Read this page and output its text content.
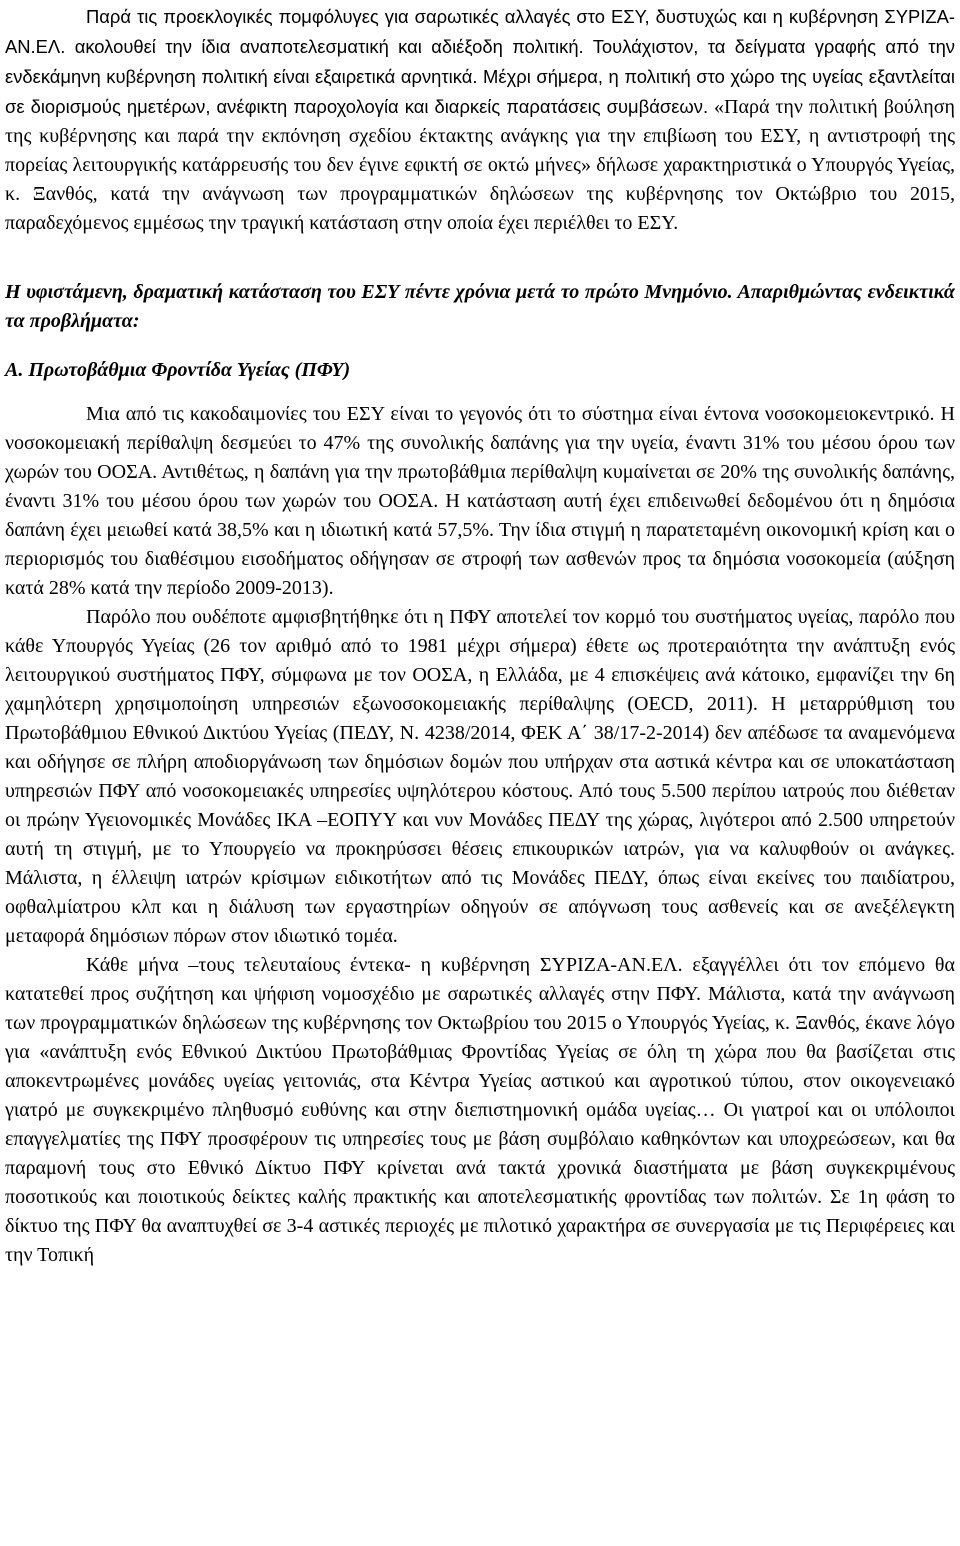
Παρά τις προεκλογικές πομφόλυγες για σαρωτικές αλλαγές στο ΕΣΥ, δυστυχώς και η κυβέρνηση ΣΥΡΙΖΑ-ΑΝ.ΕΛ. ακολουθεί την ίδια αναποτελεσματική και αδιέξοδη πολιτική. Τουλάχιστον, τα δείγματα γραφής από την ενδεκάμηνη κυβέρνηση πολιτική είναι εξαιρετικά αρνητικά. Μέχρι σήμερα, η πολιτική στο χώρο της υγείας εξαντλείται σε διορισμούς ημετέρων, ανέφικτη παροχολογία και διαρκείς παρατάσεις συμβάσεων. «Παρά την πολιτική βούληση της κυβέρνησης και παρά την εκπόνηση σχεδίου έκτακτης ανάγκης για την επιβίωση του ΕΣΥ, η αντιστροφή της πορείας λειτουργικής κατάρρευσής του δεν έγινε εφικτή σε οκτώ μήνες» δήλωσε χαρακτηριστικά ο Υπουργός Υγείας, κ. Ξανθός, κατά την ανάγνωση των προγραμματικών δηλώσεων της κυβέρνησης τον Οκτώβριο του 2015, παραδεχόμενος εμμέσως την τραγική κατάσταση στην οποία έχει περιέλθει το ΕΣΥ.

Η υφιστάμενη, δραματική κατάσταση του ΕΣΥ πέντε χρόνια μετά το πρώτο Μνημόνιο. Απαριθμώντας ενδεικτικά τα προβλήματα:

Α. Πρωτοβάθμια Φροντίδα Υγείας (ΠΦΥ)

Μια από τις κακοδαιμονίες του ΕΣΥ είναι το γεγονός ότι το σύστημα είναι έντονα νοσοκομειοκεντρικό. Η νοσοκομειακή περίθαλψη δεσμεύει το 47% της συνολικής δαπάνης για την υγεία, έναντι 31% του μέσου όρου των χωρών του ΟΟΣΑ. Αντιθέτως, η δαπάνη για την πρωτοβάθμια περίθαλψη κυμαίνεται σε 20% της συνολικής δαπάνης, έναντι 31% του μέσου όρου των χωρών του ΟΟΣΑ. Η κατάσταση αυτή έχει επιδεινωθεί δεδομένου ότι η δημόσια δαπάνη έχει μειωθεί κατά 38,5% και η ιδιωτική κατά 57,5%. Την ίδια στιγμή η παρατεταμένη οικονομική κρίση και ο περιορισμός του διαθέσιμου εισοδήματος οδήγησαν σε στροφή των ασθενών προς τα δημόσια νοσοκομεία (αύξηση κατά 28% κατά την περίοδο 2009-2013).

Παρόλο που ουδέποτε αμφισβητήθηκε ότι η ΠΦΥ αποτελεί τον κορμό του συστήματος υγείας, παρόλο που κάθε Υπουργός Υγείας (26 τον αριθμό από το 1981 μέχρι σήμερα) έθετε ως προτεραιότητα την ανάπτυξη ενός λειτουργικού συστήματος ΠΦΥ, σύμφωνα με τον ΟΟΣΑ, η Ελλάδα, με 4 επισκέψεις ανά κάτοικο, εμφανίζει την 6η χαμηλότερη χρησιμοποίηση υπηρεσιών εξωνοσοκομειακής περίθαλψης (OECD, 2011). Η μεταρρύθμιση του Πρωτοβάθμιου Εθνικού Δικτύου Υγείας (ΠΕΔΥ, Ν. 4238/2014, ΦΕΚ Α΄ 38/17-2-2014) δεν απέδωσε τα αναμενόμενα και οδήγησε σε πλήρη αποδιοργάνωση των δημόσιων δομών που υπήρχαν στα αστικά κέντρα και σε υποκατάσταση υπηρεσιών ΠΦΥ από νοσοκομειακές υπηρεσίες υψηλότερου κόστους. Από τους 5.500 περίπου ιατρούς που διέθεταν οι πρώην Υγειονομικές Μονάδες ΙΚΑ –ΕΟΠΥΥ και νυν Μονάδες ΠΕΔΥ της χώρας, λιγότεροι από 2.500 υπηρετούν αυτή τη στιγμή, με το Υπουργείο να προκηρύσσει θέσεις επικουρικών ιατρών, για να καλυφθούν οι ανάγκες. Μάλιστα, η έλλειψη ιατρών κρίσιμων ειδικοτήτων από τις Μονάδες ΠΕΔΥ, όπως είναι εκείνες του παιδίατρου, οφθαλμίατρου κλπ και η διάλυση των εργαστηρίων οδηγούν σε απόγνωση τους ασθενείς και σε ανεξέλεγκτη μεταφορά δημόσιων πόρων στον ιδιωτικό τομέα.

Κάθε μήνα –τους τελευταίους έντεκα- η κυβέρνηση ΣΥΡΙΖΑ-ΑΝ.ΕΛ. εξαγγέλλει ότι τον επόμενο θα κατατεθεί προς συζήτηση και ψήφιση νομοσχέδιο με σαρωτικές αλλαγές στην ΠΦΥ. Μάλιστα, κατά την ανάγνωση των προγραμματικών δηλώσεων της κυβέρνησης τον Οκτωβρίου του 2015 ο Υπουργός Υγείας, κ. Ξανθός, έκανε λόγο για «ανάπτυξη ενός Εθνικού Δικτύου Πρωτοβάθμιας Φροντίδας Υγείας σε όλη τη χώρα που θα βασίζεται στις αποκεντρωμένες μονάδες υγείας γειτονιάς, στα Κέντρα Υγείας αστικού και αγροτικού τύπου, στον οικογενειακό γιατρό με συγκεκριμένο πληθυσμό ευθύνης και στην διεπιστημονική ομάδα υγείας… Οι γιατροί και οι υπόλοιποι επαγγελματίες της ΠΦΥ προσφέρουν τις υπηρεσίες τους με βάση συμβόλαιο καθηκόντων και υποχρεώσεων, και θα παραμονή τους στο Εθνικό Δίκτυο ΠΦΥ κρίνεται ανά τακτά χρονικά διαστήματα με βάση συγκεκριμένους ποσοτικούς και ποιοτικούς δείκτες καλής πρακτικής και αποτελεσματικής φροντίδας των πολιτών. Σε 1η φάση το δίκτυο της ΠΦΥ θα αναπτυχθεί σε 3-4 αστικές περιοχές με πιλοτικό χαρακτήρα σε συνεργασία με τις Περιφέρειες και την Τοπική
